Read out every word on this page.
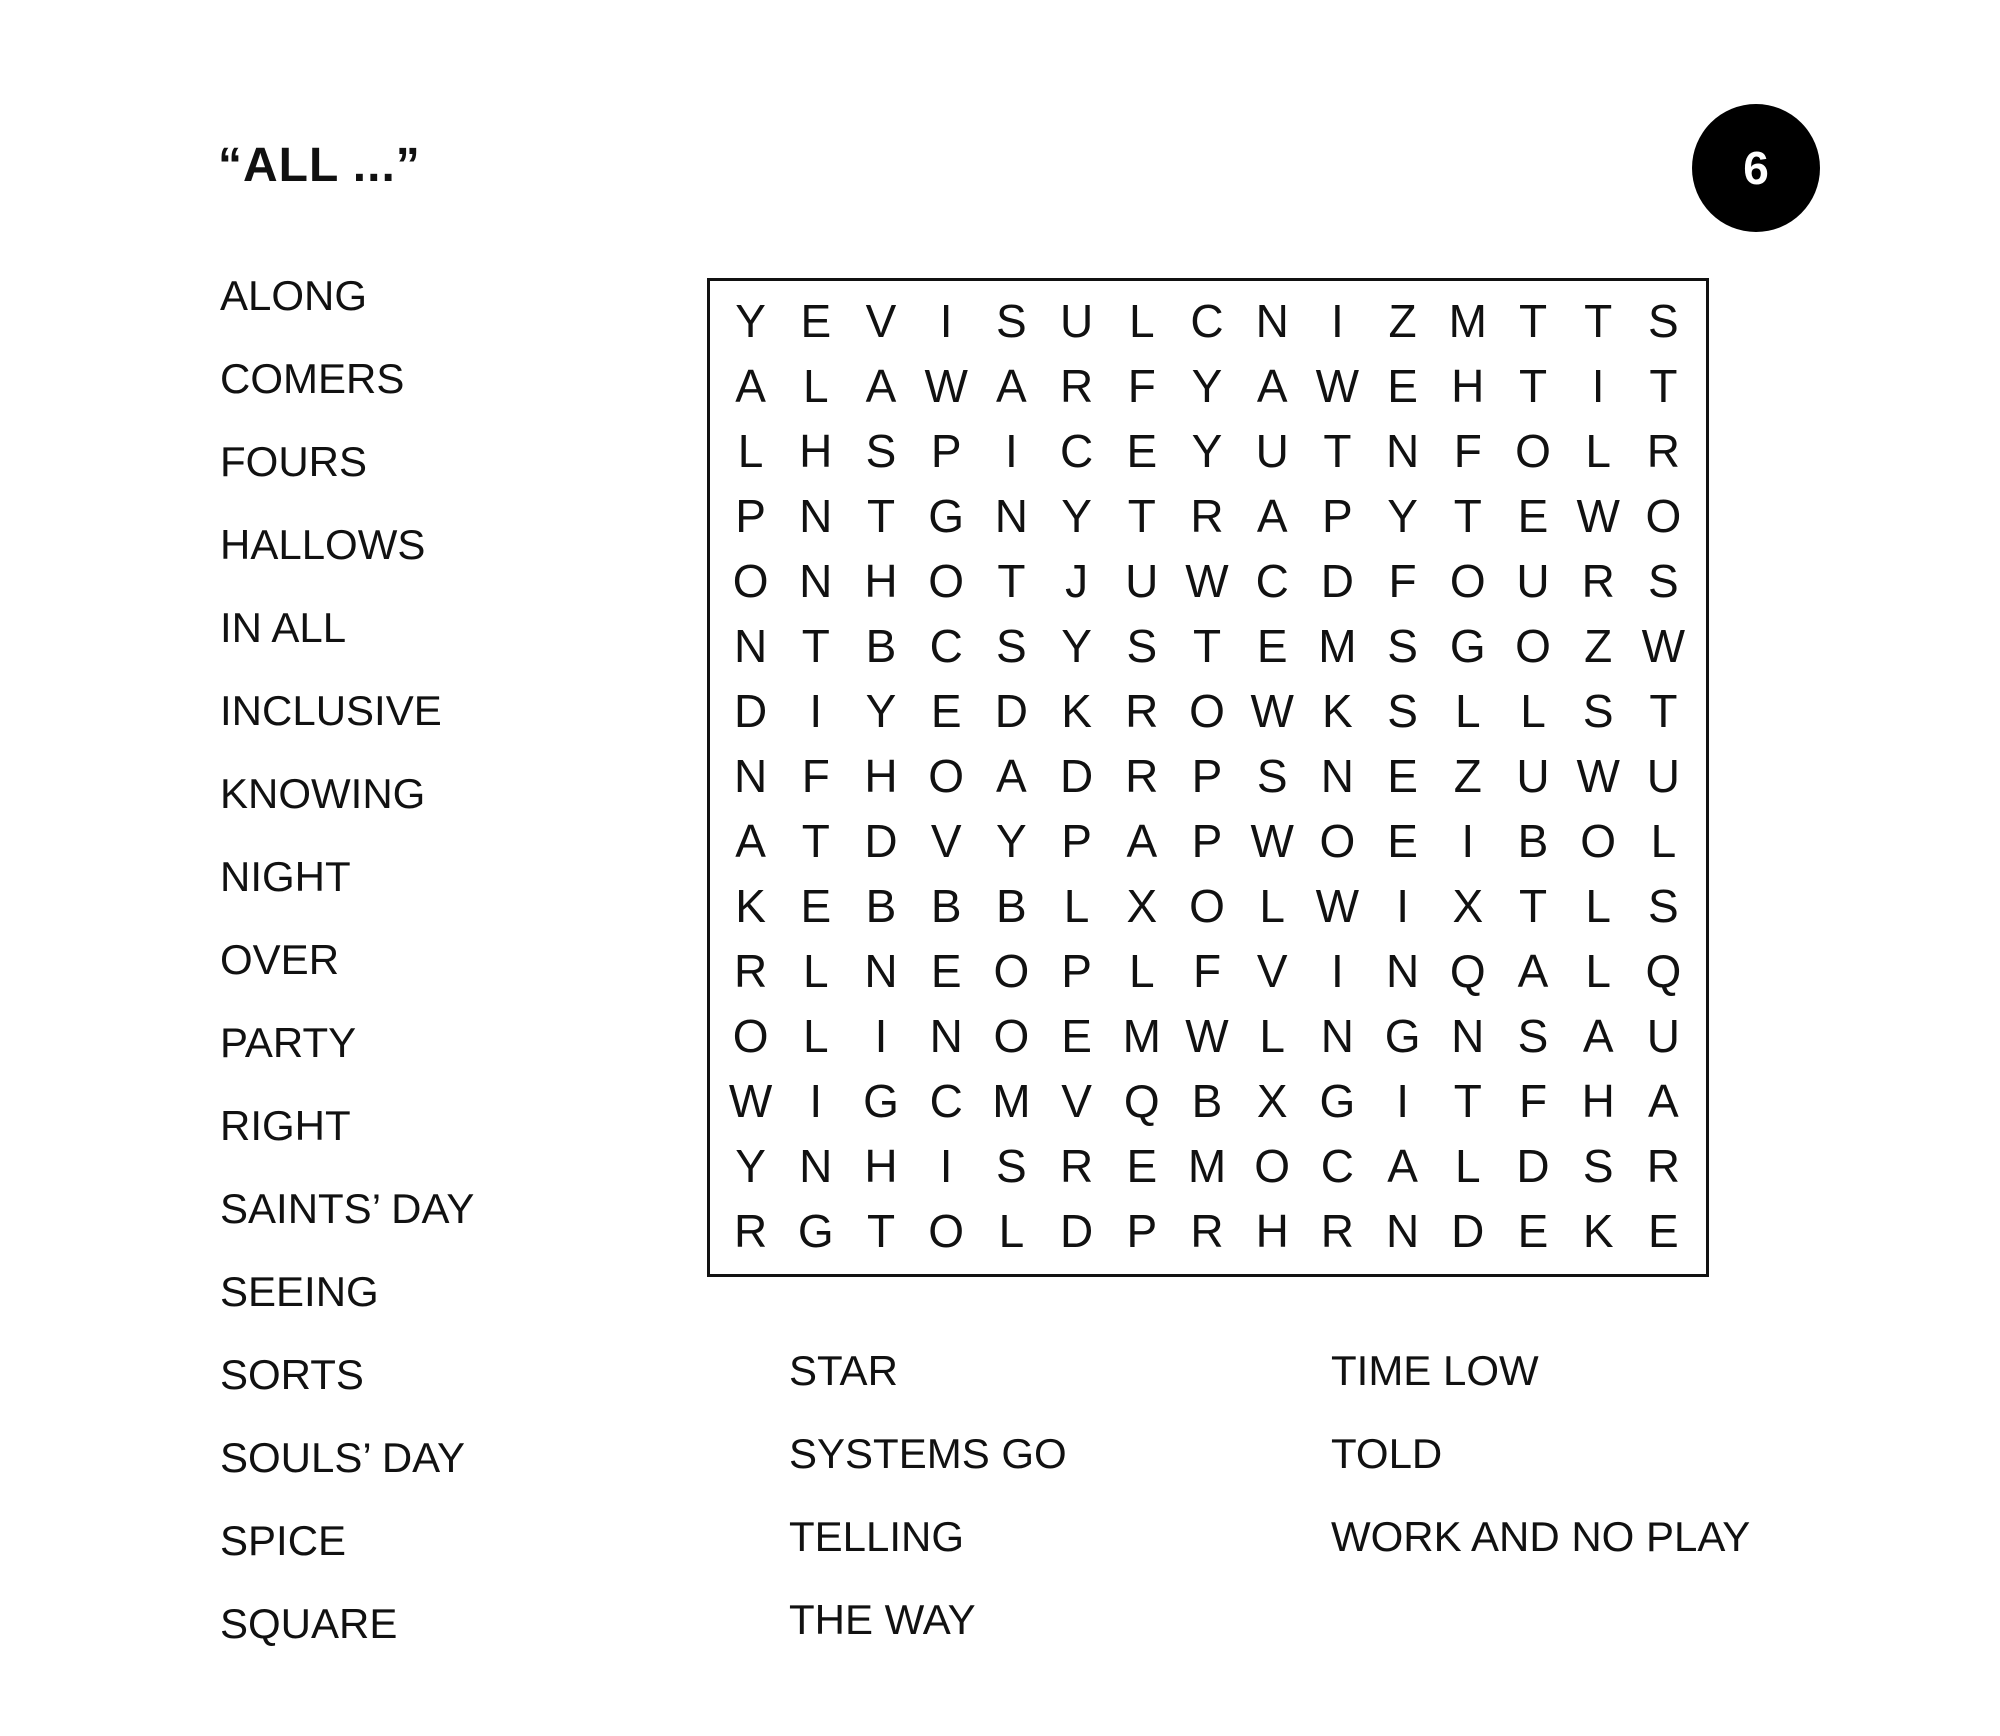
“ALL ...”	6
ALONG
COMERS
FOURS
HALLOWS
IN ALL
INCLUSIVE
KNOWING
NIGHT
OVER
PARTY
RIGHT
SAINTS’ DAY
SEEING
SORTS
SOULS’ DAY
SPICE
SQUARE
STAR
SYSTEMS GO
TELLING
THE WAY
TIME LOW
TOLD
WORK AND NO PLAY
Y E V I S U L C N I Z M T T S
A L A W A R F Y A W E H T I T
L H S P I C E Y U T N F O L R
P N T G N Y T R A P Y T E W O
O N H O T J U W C D F O U R S
N T B C S Y S T E M S G O Z W
D I Y E D K R O W K S L L S T
N F H O A D R P S N E Z U W U
A T D V Y P A P W O E I B O L
K E B B B L X O L W I X T L S
R L N E O P L F V I N Q A L Q
O L	I N O E M W L N G N S A U
W I G C M V Q B X G I T F H A
Y N H I S R E M O C A L D S R
R G T O L D P R H R N D E K E
